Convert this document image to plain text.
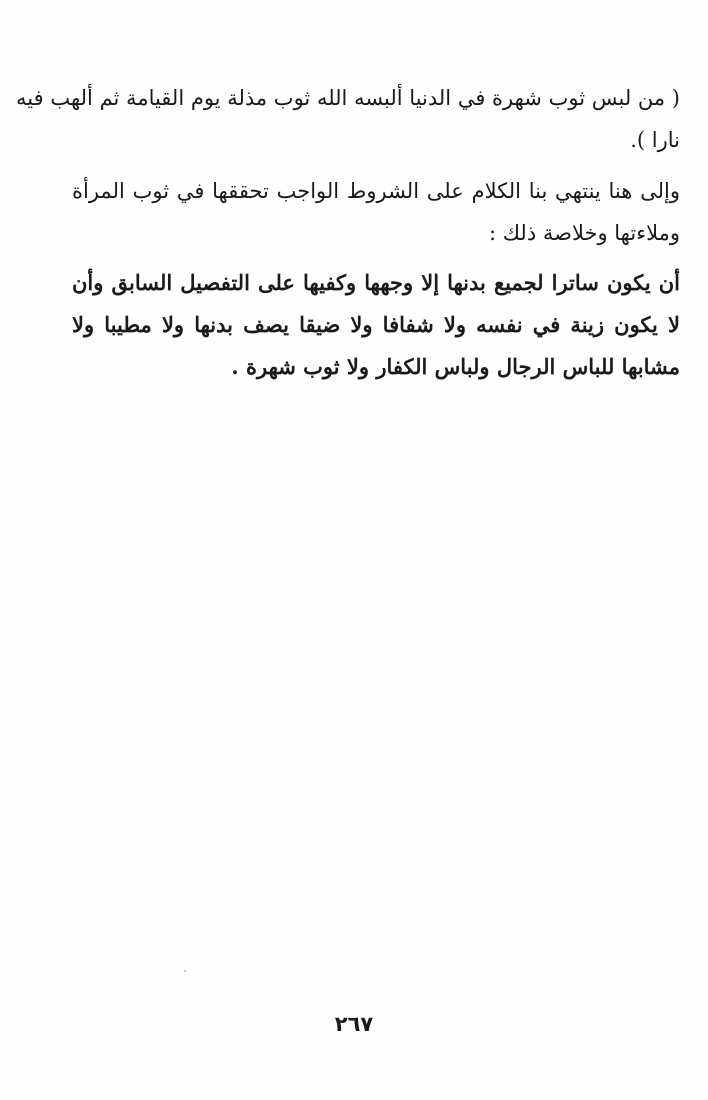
( من لبس ثوب شهرة في الدنيا ألبسه الله ثوب مذلة يوم القيامة ثم ألهب فيه
نارا ).
وإلى هنا ينتهي بنا الكلام على الشروط الواجب تحققها في ثوب المرأة
وملاءتها وخلاصة ذلك :
أن يكون ساترا لجميع بدنها إلا وجهها وكفيها على التفصيل السابق وأن
لا يكون زينة في نفسه ولا شفافا ولا ضيقا يصف بدنها ولا مطيبا ولا
مشابها للباس الرجال ولباس الكفار ولا ثوب شهرة .
٢٦٧
